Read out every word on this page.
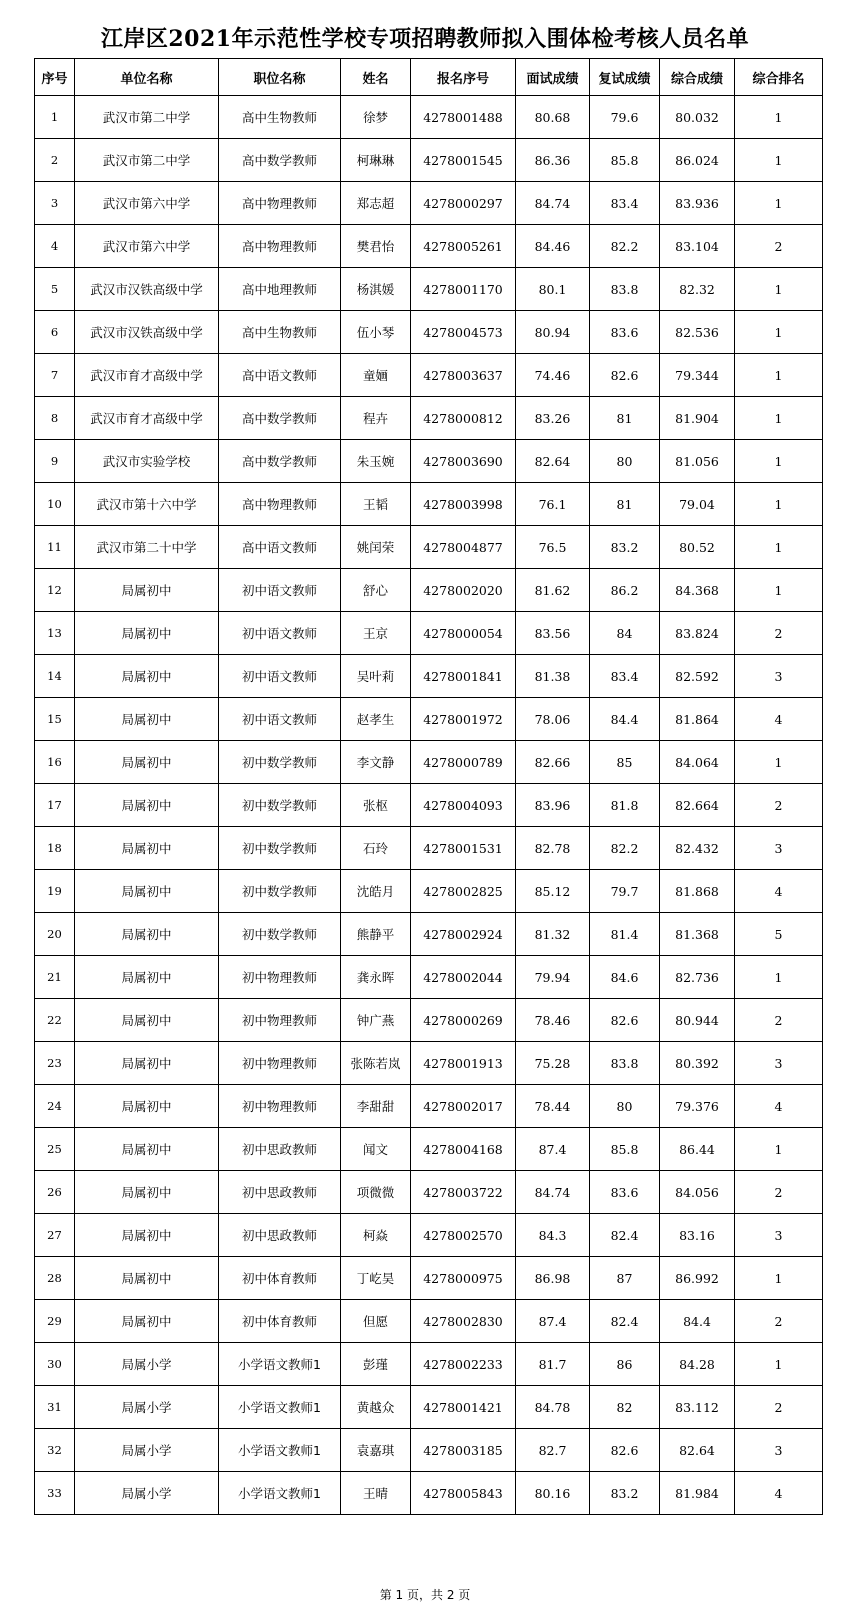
江岸区2021年示范性学校专项招聘教师拟入围体检考核人员名单
序号	单位名称	职位名称	姓名	报名序号	面试成绩	复试成绩	综合成绩	综合排名
1	武汉市第二中学	高中生物教师	徐梦	4278001488	80.68	79.6	80.032	1
2	武汉市第二中学	高中数学教师	柯琳琳	4278001545	86.36	85.8	86.024	1
3	武汉市第六中学	高中物理教师	郑志超	4278000297	84.74	83.4	83.936	1
4	武汉市第六中学	高中物理教师	樊君怡	4278005261	84.46	82.2	83.104	2
5	武汉市汉铁高级中学	高中地理教师	杨淇媛	4278001170	80.1	83.8	82.32	1
6	武汉市汉铁高级中学	高中生物教师	伍小琴	4278004573	80.94	83.6	82.536	1
7	武汉市育才高级中学	高中语文教师	童婳	4278003637	74.46	82.6	79.344	1
8	武汉市育才高级中学	高中数学教师	程卉	4278000812	83.26	81	81.904	1
9	武汉市实验学校	高中数学教师	朱玉婉	4278003690	82.64	80	81.056	1
10	武汉市第十六中学	高中物理教师	王韬	4278003998	76.1	81	79.04	1
11	武汉市第二十中学	高中语文教师	姚闰荣	4278004877	76.5	83.2	80.52	1
12	局属初中	初中语文教师	舒心	4278002020	81.62	86.2	84.368	1
13	局属初中	初中语文教师	王京	4278000054	83.56	84	83.824	2
14	局属初中	初中语文教师	吴叶莉	4278001841	81.38	83.4	82.592	3
15	局属初中	初中语文教师	赵孝生	4278001972	78.06	84.4	81.864	4
16	局属初中	初中数学教师	李文静	4278000789	82.66	85	84.064	1
17	局属初中	初中数学教师	张枢	4278004093	83.96	81.8	82.664	2
18	局属初中	初中数学教师	石玲	4278001531	82.78	82.2	82.432	3
19	局属初中	初中数学教师	沈皓月	4278002825	85.12	79.7	81.868	4
20	局属初中	初中数学教师	熊静平	4278002924	81.32	81.4	81.368	5
21	局属初中	初中物理教师	龚永晖	4278002044	79.94	84.6	82.736	1
22	局属初中	初中物理教师	钟广燕	4278000269	78.46	82.6	80.944	2
23	局属初中	初中物理教师	张陈若岚	4278001913	75.28	83.8	80.392	3
24	局属初中	初中物理教师	李甜甜	4278002017	78.44	80	79.376	4
25	局属初中	初中思政教师	闻文	4278004168	87.4	85.8	86.44	1
26	局属初中	初中思政教师	项微微	4278003722	84.74	83.6	84.056	2
27	局属初中	初中思政教师	柯焱	4278002570	84.3	82.4	83.16	3
28	局属初中	初中体育教师	丁屹昊	4278000975	86.98	87	86.992	1
29	局属初中	初中体育教师	但愿	4278002830	87.4	82.4	84.4	2
30	局属小学	小学语文教师1	彭瑾	4278002233	81.7	86	84.28	1
31	局属小学	小学语文教师1	黄越众	4278001421	84.78	82	83.112	2
32	局属小学	小学语文教师1	袁嘉琪	4278003185	82.7	82.6	82.64	3
33	局属小学	小学语文教师1	王晴	4278005843	80.16	83.2	81.984	4
第 1 页，共 2 页
